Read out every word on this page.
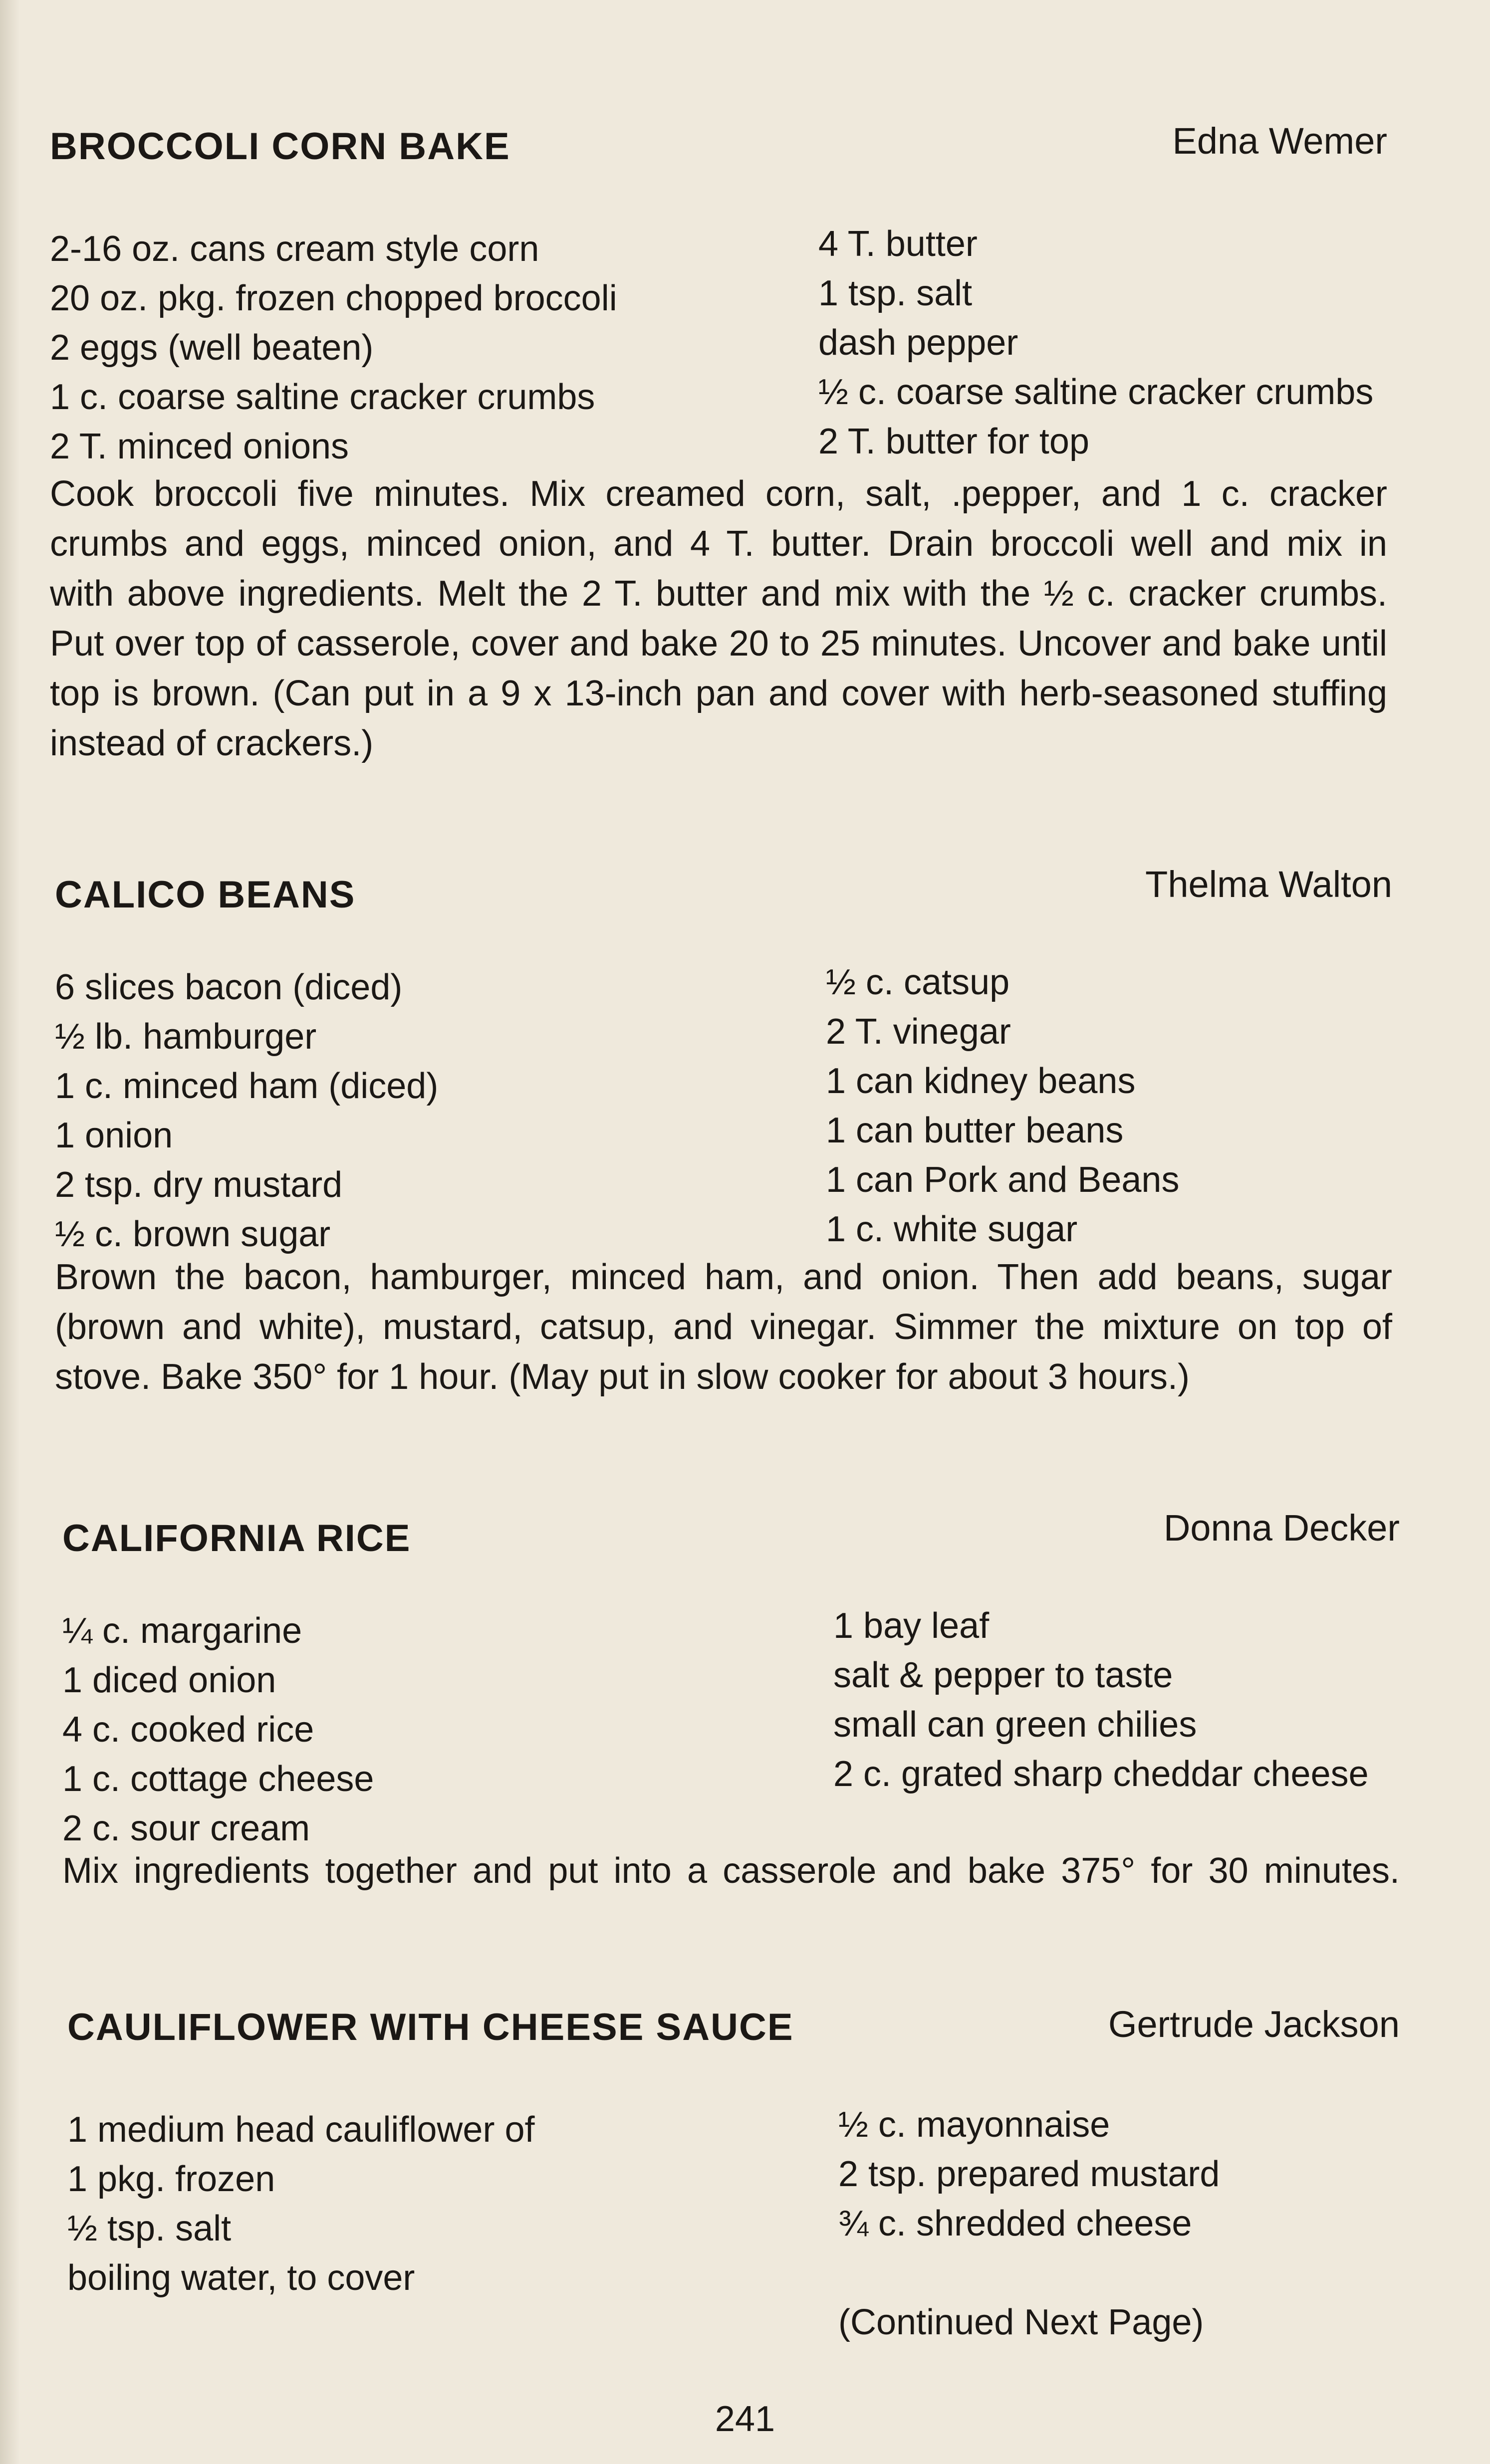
BROCCOLI CORN BAKE	Edna Wemer
2-16 oz. cans cream style corn
20 oz. pkg. frozen chopped broccoli
2 eggs (well beaten)
1 c. coarse saltine cracker crumbs
2 T. minced onions
4 T. butter
1 tsp. salt
dash pepper
½ c. coarse saltine cracker crumbs
2 T. butter for top
Cook broccoli five minutes. Mix creamed corn, salt, .pepper, and 1 c. cracker
crumbs and eggs, minced onion, and 4 T. butter. Drain broccoli well and mix in
with above ingredients. Melt the 2 T. butter and mix with the ½ c. cracker crumbs.
Put over top of casserole, cover and bake 20 to 25 minutes. Uncover and bake until
top is brown. (Can put in a 9 x 13-inch pan and cover with herb-seasoned stuffing
instead of crackers.)
CALICO BEANS	Thelma Walton
6 slices bacon (diced)
½ lb. hamburger
1 c. minced ham (diced)
1 onion
2 tsp. dry mustard
½ c. brown sugar
½ c. catsup
2 T. vinegar
1 can kidney beans
1 can butter beans
1 can Pork and Beans
1 c. white sugar
Brown the bacon, hamburger, minced ham, and onion. Then add beans, sugar
(brown and white), mustard, catsup, and vinegar. Simmer the mixture on top of
stove. Bake 350° for 1 hour. (May put in slow cooker for about 3 hours.)
CALIFORNIA RICE	Donna Decker
¼ c. margarine
1 diced onion
4 c. cooked rice
1 c. cottage cheese
2 c. sour cream
1 bay leaf
salt & pepper to taste
small can green chilies
2 c. grated sharp cheddar cheese
Mix ingredients together and put into a casserole and bake 375° for 30 minutes.
CAULIFLOWER WITH CHEESE SAUCE	Gertrude Jackson
1 medium head cauliflower of
1 pkg. frozen
½ tsp. salt
boiling water, to cover
½ c. mayonnaise
2 tsp. prepared mustard
¾ c. shredded cheese
(Continued Next Page)
241
